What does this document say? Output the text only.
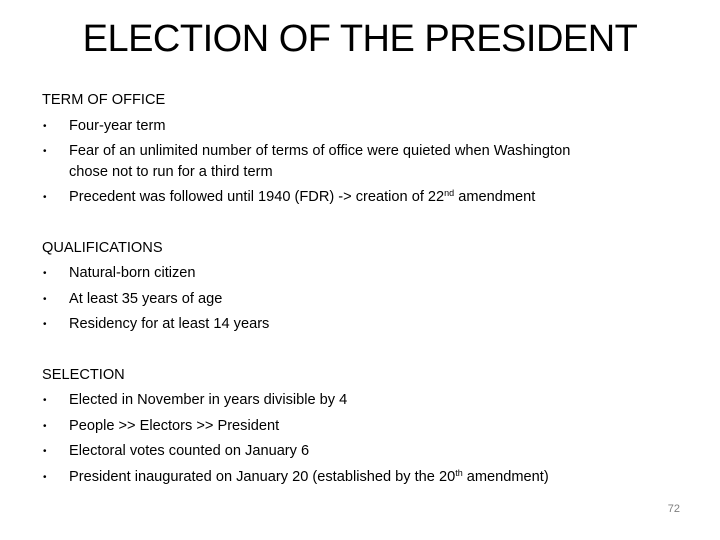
ELECTION OF THE PRESIDENT
TERM OF OFFICE
• Four-year term
• Fear of an unlimited number of terms of office were quieted when Washington
chose not to run for a third term
• Precedent was followed until 1940 (FDR) -> creation of 22nd amendment
QUALIFICATIONS
• Natural-born citizen
• At least 35 years of age
• Residency for at least 14 years
SELECTION
• Elected in November in years divisible by 4
• People >> Electors >> President
• Electoral votes counted on January 6
• President inaugurated on January 20 (established by the 20th amendment)
72
